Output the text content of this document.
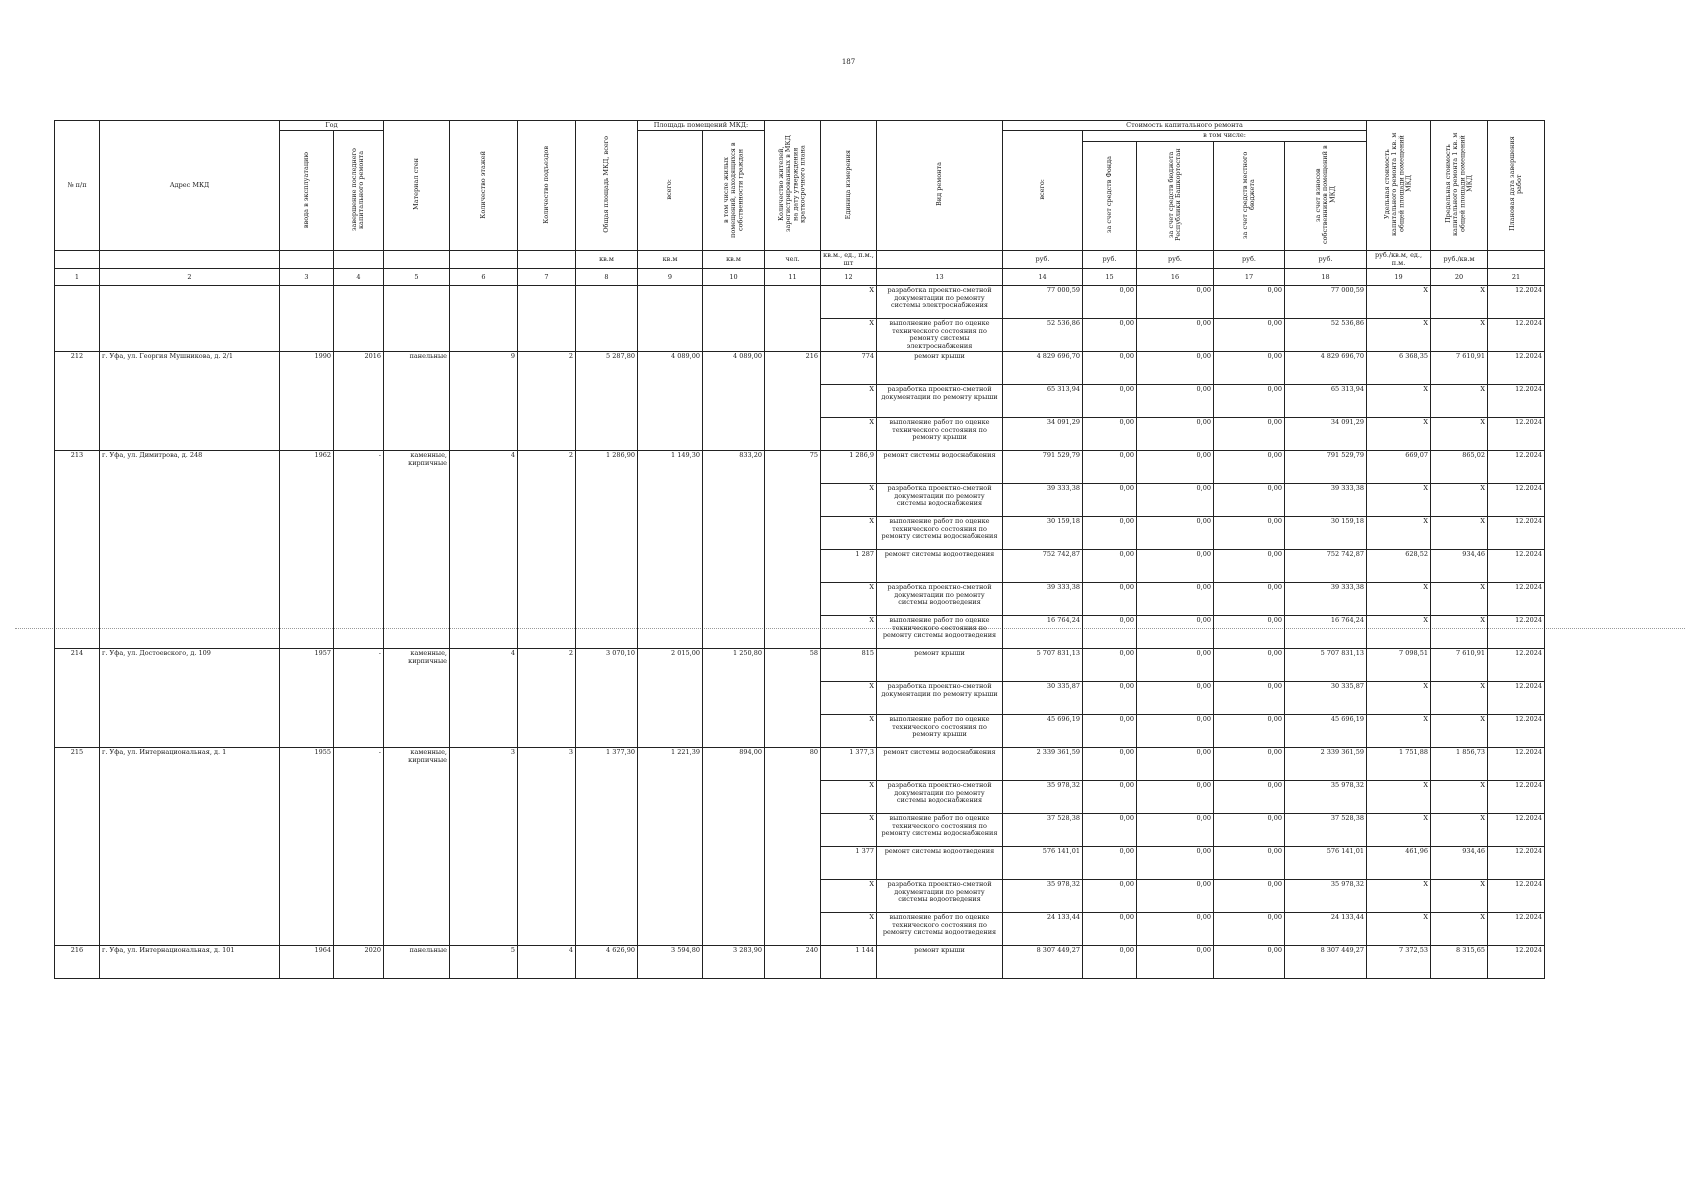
187
№ п/п	Адрес МКД	Год		Материал стен	Количество этажей	Количество подъездов	Общая площадь МКД, всего	Площадь помещений МКД:		Количество жителей, зарегистрированных в МКД на дату утверждения краткосрочного плана	Единица измерения	Вид ремонта	Стоимость капитального ремонта					Удельная стоимость капитального ремонта 1 кв. м общей площади помещений МКД	Предельная стоимость капитального ремонта 1 кв. м общей площади помещений МКД	Плановая дата завершения работ
		ввода в эксплуатацию	завершение последнего капитального ремонта					всего:	в том числе жилых помещений, находящихся в собственности граждан				всего:	в том числе:						
														за счет средств Фонда	за счет средств бюджета Республики Башкортостан	за счет средств местного бюджета	за счет взносов собственников помещений в МКД			
							кв.м	кв.м	кв.м	чел.	кв.м., ед., п.м., шт		руб.	руб.	руб.	руб.	руб.	руб./кв.м, ед., п.м.	руб./кв.м	
1	2	3	4	5	6	7	8	9	10	11	12	13	14	15	16	17	18	19	20	21
											X	разработка проектно-сметной документации по ремонту системы электроснабжения	77 000,59	0,00	0,00	0,00	77 000,59	X	X	12.2024
											X	выполнение работ по оценке технического состояния по ремонту системы электроснабжения	52 536,86	0,00	0,00	0,00	52 536,86	X	X	12.2024
212	г. Уфа, ул. Георгия Мушникова, д. 2/1	1990	2016	панельные	9	2	5 287,80	4 089,00	4 089,00	216	774	ремонт крыши	4 829 696,70	0,00	0,00	0,00	4 829 696,70	6 368,35	7 610,91	12.2024
											X	разработка проектно-сметной документации по ремонту крыши	65 313,94	0,00	0,00	0,00	65 313,94	X	X	12.2024
											X	выполнение работ по оценке технического состояния по ремонту крыши	34 091,29	0,00	0,00	0,00	34 091,29	X	X	12.2024
213	г. Уфа, ул. Димитрова, д. 248	1962	-	каменные, кирпичные	4	2	1 286,90	1 149,30	833,20	75	1 286,9	ремонт системы водоснабжения	791 529,79	0,00	0,00	0,00	791 529,79	669,07	865,02	12.2024
											X	разработка проектно-сметной документации по ремонту системы водоснабжения	39 333,38	0,00	0,00	0,00	39 333,38	X	X	12.2024
											X	выполнение работ по оценке технического состояния по ремонту системы водоснабжения	30 159,18	0,00	0,00	0,00	30 159,18	X	X	12.2024
											1 287	ремонт системы водоотведения	752 742,87	0,00	0,00	0,00	752 742,87	628,52	934,46	12.2024
											X	разработка проектно-сметной документации по ремонту системы водоотведения	39 333,38	0,00	0,00	0,00	39 333,38	X	X	12.2024
											X	выполнение работ по оценке технического состояния по ремонту системы водоотведения	16 764,24	0,00	0,00	0,00	16 764,24	X	X	12.2024
214	г. Уфа, ул. Достоевского, д. 109	1957	-	каменные, кирпичные	4	2	3 070,10	2 015,00	1 250,80	58	815	ремонт крыши	5 707 831,13	0,00	0,00	0,00	5 707 831,13	7 098,51	7 610,91	12.2024
											X	разработка проектно-сметной документации по ремонту крыши	30 335,87	0,00	0,00	0,00	30 335,87	X	X	12.2024
											X	выполнение работ по оценке технического состояния по ремонту крыши	45 696,19	0,00	0,00	0,00	45 696,19	X	X	12.2024
215	г. Уфа, ул. Интернациональная, д. 1	1955	-	каменные, кирпичные	3	3	1 377,30	1 221,39	894,00	80	1 377,3	ремонт системы водоснабжения	2 339 361,59	0,00	0,00	0,00	2 339 361,59	1 751,88	1 856,73	12.2024
											X	разработка проектно-сметной документации по ремонту системы водоснабжения	35 978,32	0,00	0,00	0,00	35 978,32	X	X	12.2024
											X	выполнение работ по оценке технического состояния по ремонту системы водоснабжения	37 528,38	0,00	0,00	0,00	37 528,38	X	X	12.2024
											1 377	ремонт системы водоотведения	576 141,01	0,00	0,00	0,00	576 141,01	461,96	934,46	12.2024
											X	разработка проектно-сметной документации по ремонту системы водоотведения	35 978,32	0,00	0,00	0,00	35 978,32	X	X	12.2024
											X	выполнение работ по оценке технического состояния по ремонту системы водоотведения	24 133,44	0,00	0,00	0,00	24 133,44	X	X	12.2024
216	г. Уфа, ул. Интернациональная, д. 101	1964	2020	панельные	5	4	4 626,90	3 594,80	3 283,90	240	1 144	ремонт крыши	8 307 449,27	0,00	0,00	0,00	8 307 449,27	7 372,53	8 315,65	12.2024
